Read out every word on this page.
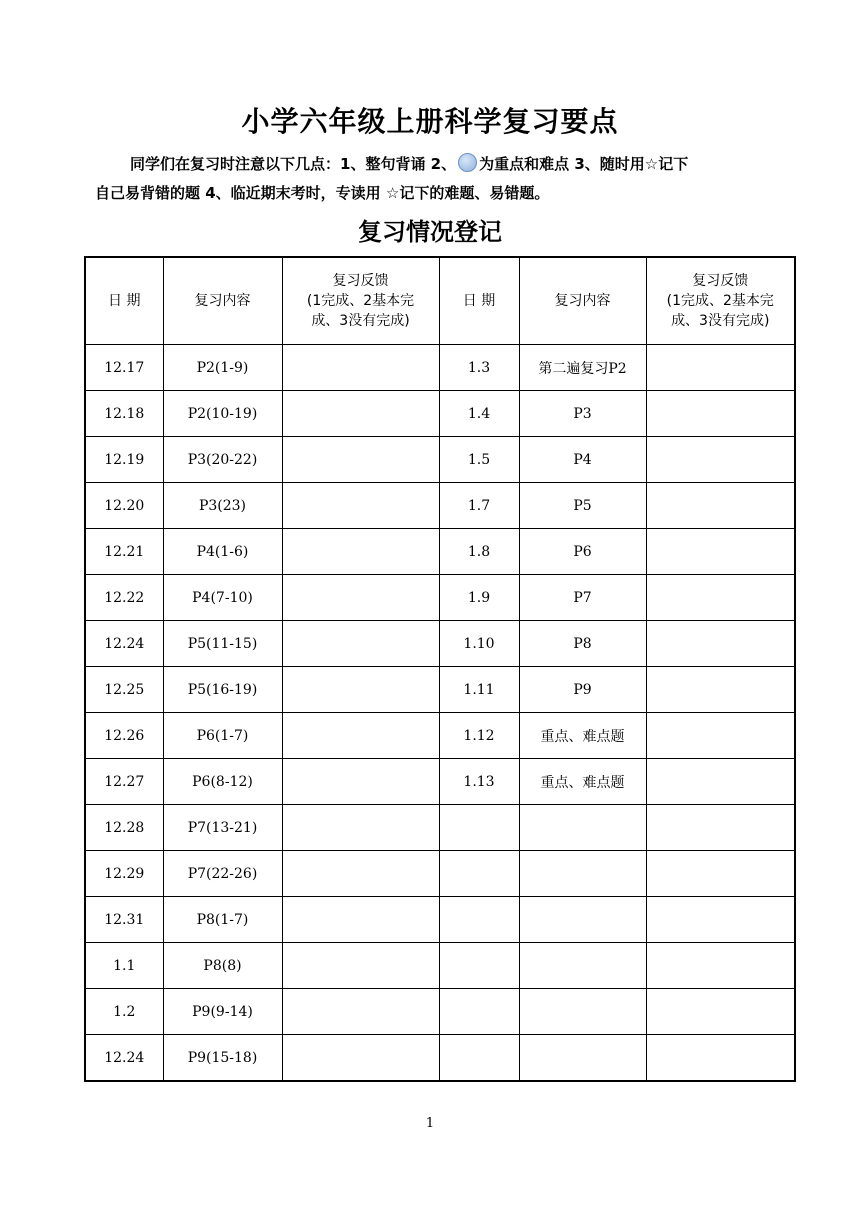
小学六年级上册科学复习要点
同学们在复习时注意以下几点：1、整句背诵 2、 为重点和难点 3、随时用☆记下
自己易背错的题 4、临近期末考时，专读用 ☆记下的难题、易错题。
复习情况登记
日 期	复习内容	复习反馈
(1完成、2基本完
成、3没有完成)	日 期	复习内容	复习反馈
(1完成、2基本完
成、3没有完成)
12.17	P2(1-9)		1.3	第二遍复习P2	
12.18	P2(10-19)		1.4	P3	
12.19	P3(20-22)		1.5	P4	
12.20	P3(23)		1.7	P5	
12.21	P4(1-6)		1.8	P6	
12.22	P4(7-10)		1.9	P7	
12.24	P5(11-15)		1.10	P8	
12.25	P5(16-19)		1.11	P9	
12.26	P6(1-7)		1.12	重点、难点题	
12.27	P6(8-12)		1.13	重点、难点题	
12.28	P7(13-21)				
12.29	P7(22-26)				
12.31	P8(1-7)				
1.1	P8(8)				
1.2	P9(9-14)				
12.24	P9(15-18)				
1
